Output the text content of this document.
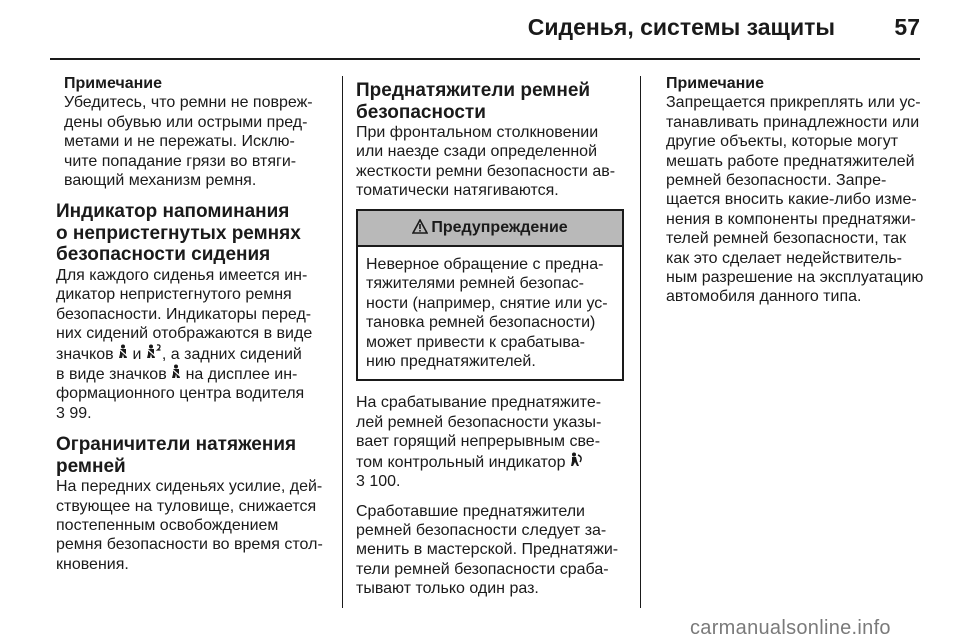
Сиденья, системы защиты	57

Примечание

Убедитесь, что ремни не повреж-

дены обувью или острыми пред-

метами и не пережаты. Исклю-

чите попадание грязи во втяги-

вающий механизм ремня.

Индикатор напоминания
о непристегнутых ремнях
безопасности сидения

Для каждого сиденья имеется ин-

дикатор непристегнутого ремня

безопасности. Индикаторы перед-

них сидений отображаются в виде

значков  и , а задних сидений

в виде значков  на дисплее ин-

формационного центра водителя

3 99.

Ограничители натяжения
ремней

На передних сиденьях усилие, дей-

ствующее на туловище, снижается

постепенным освобождением

ремня безопасности во время стол-

кновения.

Преднатяжители ремней
безопасности

При фронтальном столкновении

или наезде сзади определенной

жесткости ремни безопасности ав-

томатически натягиваются.

Предупреждение

Неверное обращение с предна-

тяжителями ремней безопас-

ности (например, снятие или ус-

тановка ремней безопасности)

может привести к срабатыва-

нию преднатяжителей.

На срабатывание преднатяжите-

лей ремней безопасности указы-

вает горящий непрерывным све-

том контрольный индикатор

3 100.

Сработавшие преднатяжители

ремней безопасности следует за-

менить в мастерской. Преднатяжи-

тели ремней безопасности сраба-

тывают только один раз.

Примечание

Запрещается прикреплять или ус-

танавливать принадлежности или

другие объекты, которые могут

мешать работе преднатяжителей

ремней безопасности. Запре-

щается вносить какие-либо изме-

нения в компоненты преднатяжи-

телей ремней безопасности, так

как это сделает недействитель-

ным разрешение на эксплуатацию

автомобиля данного типа.

carmanualsonline.info
